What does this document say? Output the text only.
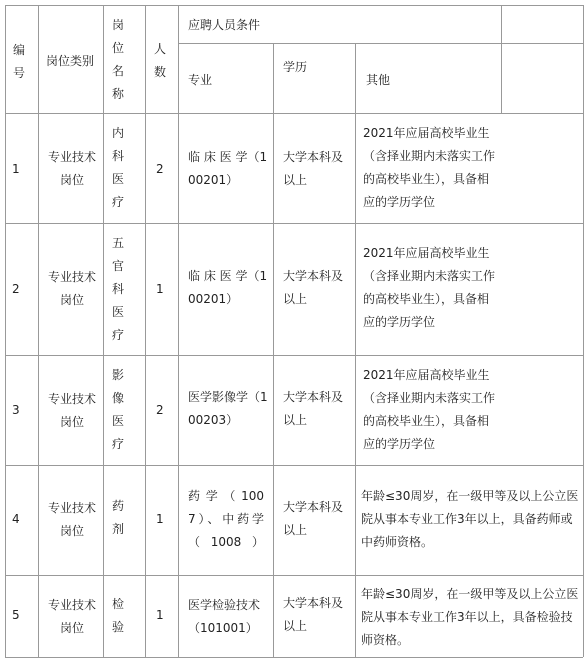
编号
岗位类别
岗位名称
人数
应聘人员条件
专业
学历
其他
1
专业技术岗位
内科医疗
2
临 床 医 学（100201）
大学本科及以上
2021年应届高校毕业生（含择业期内未落实工作的高校毕业生），具备相应的学历学位
2
专业技术岗位
五官科医疗
1
临 床 医 学（100201）
大学本科及以上
2021年应届高校毕业生（含择业期内未落实工作的高校毕业生），具备相应的学历学位
3
专业技术岗位
影像医疗
2
医学影像学（100203）
大学本科及以上
2021年应届高校毕业生（含择业期内未落实工作的高校毕业生），具备相应的学历学位
4
专业技术岗位
药剂
1
药学（1007）、中药学（1008）
大学本科及以上
年龄≤30周岁，在一级甲等及以上公立医院从事本专业工作3年以上，具备药师或中药师资格。
5
专业技术岗位
检验
1
医学检验技术（101001）
大学本科及以上
年龄≤30周岁，在一级甲等及以上公立医院从事本专业工作3年以上，具备检验技师资格。
